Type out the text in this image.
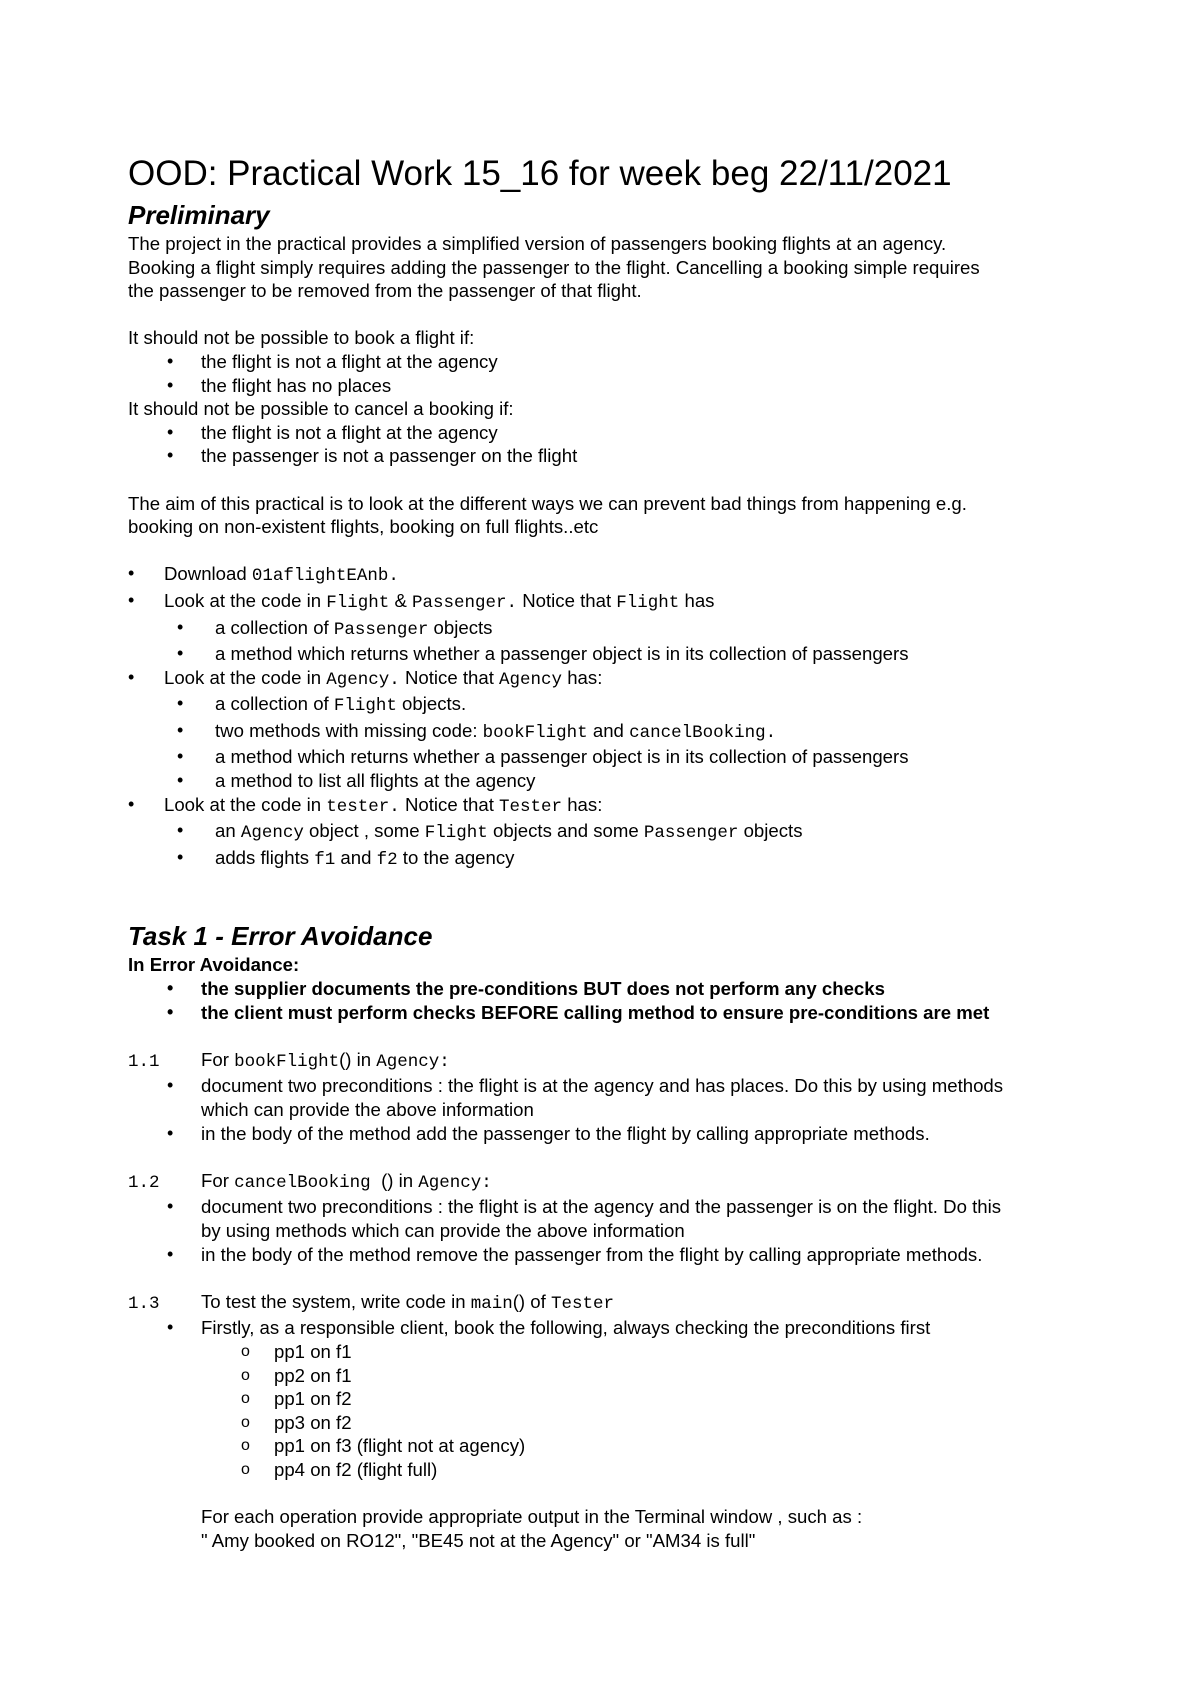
OOD: Practical Work 15_16 for week beg 22/11/2021
Preliminary

The project in the practical provides a simplified version of passengers booking flights at an agency.

Booking a flight simply requires adding the passenger to the flight. Cancelling a booking simple requires

the passenger to be removed from the passenger of that flight.

It should not be possible to book a flight if:

• the flight is not a flight at the agency
• the flight has no places

It should not be possible to cancel a booking if:

• the flight is not a flight at the agency
• the passenger is not a passenger on the flight

The aim of this practical is to look at the different ways we can prevent bad things from happening e.g.

booking on non-existent flights, booking on full flights..etc

• Download 01aflightEAnb.
• Look at the code in Flight & Passenger. Notice that Flight has
• a collection of Passenger objects
• a method which returns whether a passenger object is in its collection of passengers
• Look at the code in Agency. Notice that Agency has:
• a collection of Flight objects.
• two methods with missing code: bookFlight and cancelBooking.
• a method which returns whether a passenger object is in its collection of passengers
• a method to list all flights at the agency
• Look at the code in tester. Notice that Tester has:
• an Agency object , some Flight objects and some Passenger objects
• adds flights f1 and f2 to the agency
Task 1 - Error Avoidance

In Error Avoidance:

• the supplier documents the pre-conditions BUT does not perform any checks
• the client must perform checks BEFORE calling method to ensure pre-conditions are met

1.1 For bookFlight() in Agency:

• document two preconditions : the flight is at the agency and has places. Do this by using methods
which can provide the above information
• in the body of the method add the passenger to the flight by calling appropriate methods.

1.2 For cancelBooking () in Agency:

• document two preconditions : the flight is at the agency and the passenger is on the flight. Do this
by using methods which can provide the above information
• in the body of the method remove the passenger from the flight by calling appropriate methods.

1.3 To test the system, write code in main() of Tester

• Firstly, as a responsible client, book the following, always checking the preconditions first
o pp1 on f1
o pp2 on f1
o pp1 on f2
o pp3 on f2
o pp1 on f3 (flight not at agency)
o pp4 on f2 (flight full)

For each operation provide appropriate output in the Terminal window , such as :

" Amy booked on RO12", "BE45 not at the Agency" or "AM34 is full"
